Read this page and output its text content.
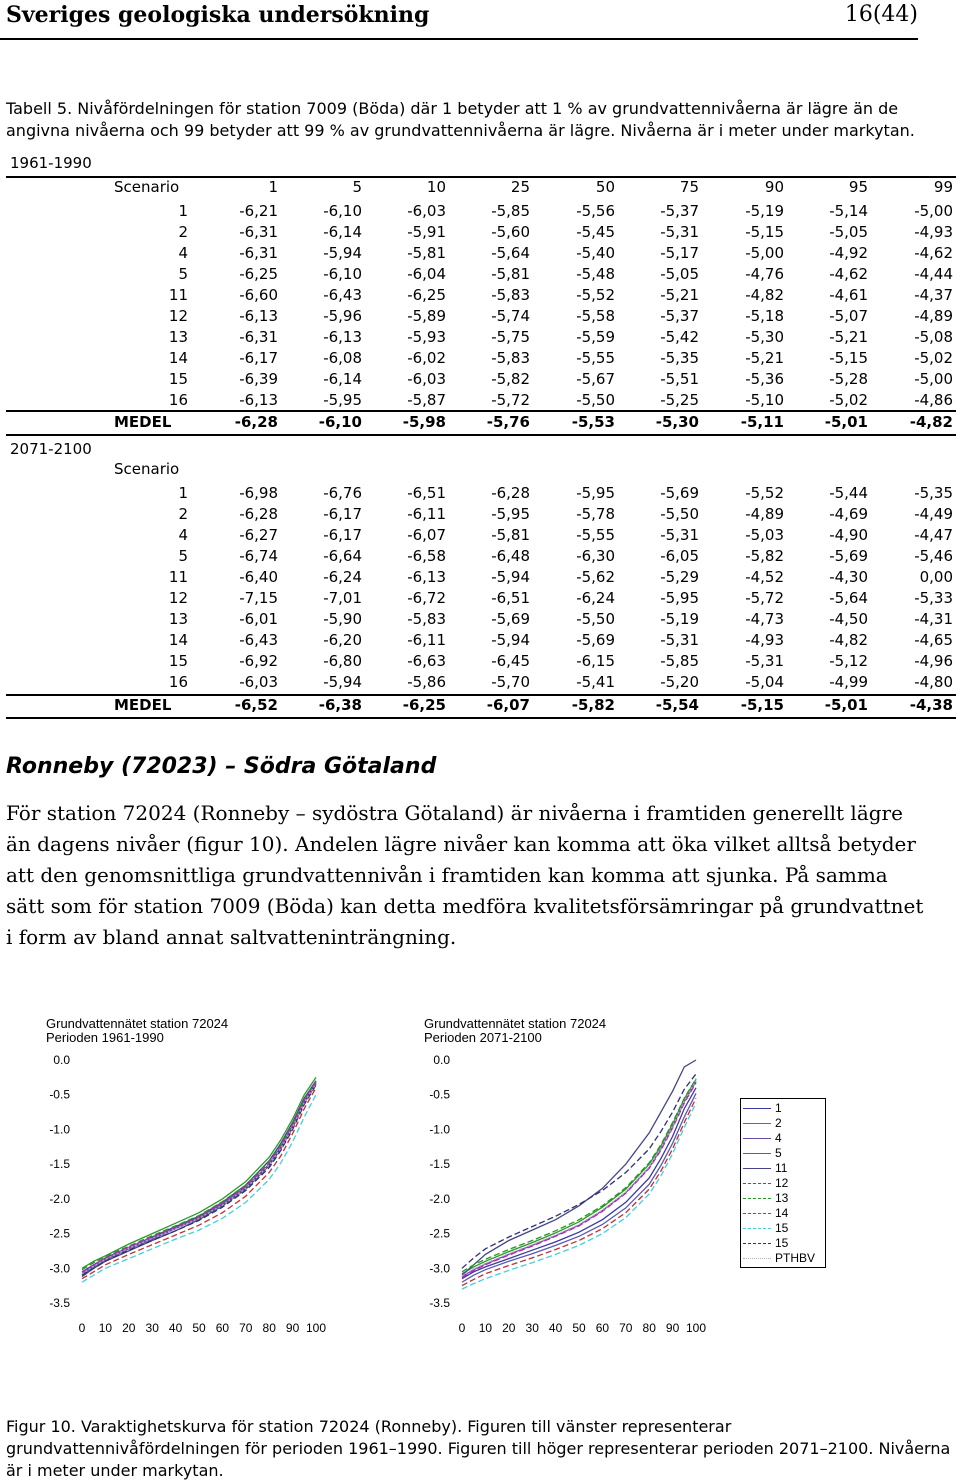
Sveriges geologiska undersökning	16(44)
Tabell 5. Nivåfördelningen för station 7009 (Böda) där 1 betyder att 1 % av grundvattennivåerna är lägre än de angivna nivåerna och 99 betyder att 99 % av grundvattennivåerna är lägre. Nivåerna är i meter under markytan.
1961-1990
2071-2100
Scenario	1	5	10	25	50	75	90	95	99
1	-6,21	-6,10	-6,03	-5,85	-5,56	-5,37	-5,19	-5,14	-5,00
2	-6,31	-6,14	-5,91	-5,60	-5,45	-5,31	-5,15	-5,05	-4,93
4	-6,31	-5,94	-5,81	-5,64	-5,40	-5,17	-5,00	-4,92	-4,62
5	-6,25	-6,10	-6,04	-5,81	-5,48	-5,05	-4,76	-4,62	-4,44
11	-6,60	-6,43	-6,25	-5,83	-5,52	-5,21	-4,82	-4,61	-4,37
12	-6,13	-5,96	-5,89	-5,74	-5,58	-5,37	-5,18	-5,07	-4,89
13	-6,31	-6,13	-5,93	-5,75	-5,59	-5,42	-5,30	-5,21	-5,08
14	-6,17	-6,08	-6,02	-5,83	-5,55	-5,35	-5,21	-5,15	-5,02
15	-6,39	-6,14	-6,03	-5,82	-5,67	-5,51	-5,36	-5,28	-5,00
16	-6,13	-5,95	-5,87	-5,72	-5,50	-5,25	-5,10	-5,02	-4,86
MEDEL	-6,28	-6,10	-5,98	-5,76	-5,53	-5,30	-5,11	-5,01	-4,82
Scenario
1	-6,98	-6,76	-6,51	-6,28	-5,95	-5,69	-5,52	-5,44	-5,35
2	-6,28	-6,17	-6,11	-5,95	-5,78	-5,50	-4,89	-4,69	-4,49
4	-6,27	-6,17	-6,07	-5,81	-5,55	-5,31	-5,03	-4,90	-4,47
5	-6,74	-6,64	-6,58	-6,48	-6,30	-6,05	-5,82	-5,69	-5,46
11	-6,40	-6,24	-6,13	-5,94	-5,62	-5,29	-4,52	-4,30	0,00
12	-7,15	-7,01	-6,72	-6,51	-6,24	-5,95	-5,72	-5,64	-5,33
13	-6,01	-5,90	-5,83	-5,69	-5,50	-5,19	-4,73	-4,50	-4,31
14	-6,43	-6,20	-6,11	-5,94	-5,69	-5,31	-4,93	-4,82	-4,65
15	-6,92	-6,80	-6,63	-6,45	-6,15	-5,85	-5,31	-5,12	-4,96
16	-6,03	-5,94	-5,86	-5,70	-5,41	-5,20	-5,04	-4,99	-4,80
MEDEL	-6,52	-6,38	-6,25	-6,07	-5,82	-5,54	-5,15	-5,01	-4,38
Ronneby (72023) – Södra Götaland
För station 72024 (Ronneby – sydöstra Götaland) är nivåerna i framtiden generellt lägre än dagens nivåer (figur 10). Andelen lägre nivåer kan komma att öka vilket alltså betyder att den genomsnittliga grundvattennivån i framtiden kan komma att sjunka. På samma sätt som för station 7009 (Böda) kan detta medföra kvalitetsförsämringar på grundvattnet i form av bland annat saltvatteninträngning.
Grundvattennätet station 72024
Perioden 1961-1990
Grundvattennätet station 72024
Perioden 2071-2100
0.0
-0.5
-1.0
-1.5
-2.0
-2.5
-3.0
-3.5
0 10 20 30 40 50 60 70 80 90 100
0.0
-0.5
-1.0
-1.5
-2.0
-2.5
-3.0
-3.5
0 10 20 30 40 50 60 70 80 90 100
1
2
4
5
11
12
13
14
15
15
PTHBV
Figur 10. Varaktighetskurva för station 72024 (Ronneby). Figuren till vänster representerar grundvattennivåfördelningen för perioden 1961–1990. Figuren till höger representerar perioden 2071–2100. Nivåerna är i meter under markytan.
